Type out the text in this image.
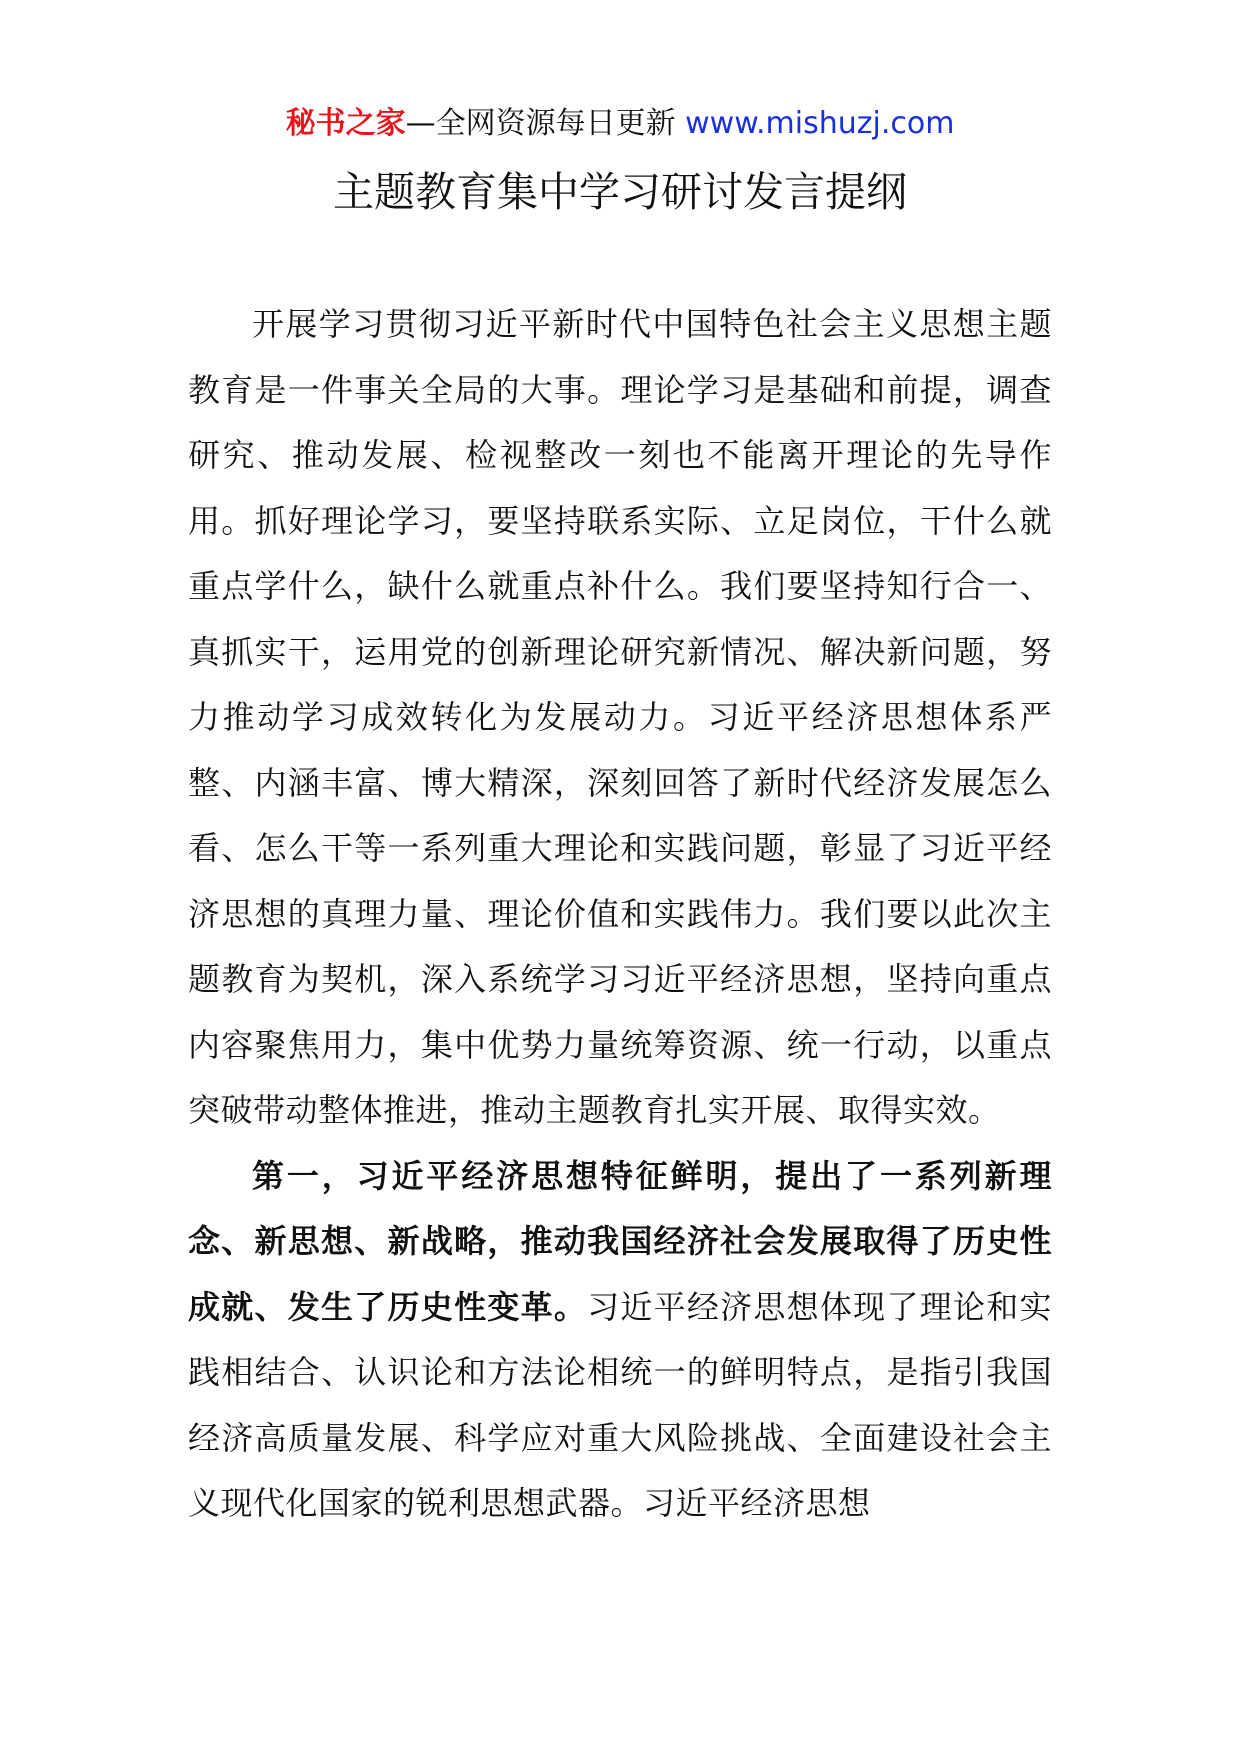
秘书之家—全网资源每日更新 www.mishuzj.com
主题教育集中学习研讨发言提纲

开展学习贯彻习近平新时代中国特色社会主义思想主题教育是一件事关全局的大事。理论学习是基础和前提，调查研究、推动发展、检视整改一刻也不能离开理论的先导作用。抓好理论学习，要坚持联系实际、立足岗位，干什么就重点学什么，缺什么就重点补什么。我们要坚持知行合一、真抓实干，运用党的创新理论研究新情况、解决新问题，努力推动学习成效转化为发展动力。习近平经济思想体系严整、内涵丰富、博大精深，深刻回答了新时代经济发展怎么看、怎么干等一系列重大理论和实践问题，彰显了习近平经济思想的真理力量、理论价值和实践伟力。我们要以此次主题教育为契机，深入系统学习习近平经济思想，坚持向重点内容聚焦用力，集中优势力量统筹资源、统一行动，以重点突破带动整体推进，推动主题教育扎实开展、取得实效。

第一，习近平经济思想特征鲜明，提出了一系列新理念、新思想、新战略，推动我国经济社会发展取得了历史性成就、发生了历史性变革。习近平经济思想体现了理论和实践相结合、认识论和方法论相统一的鲜明特点，是指引我国经济高质量发展、科学应对重大风险挑战、全面建设社会主义现代化国家的锐利思想武器。习近平经济思想
